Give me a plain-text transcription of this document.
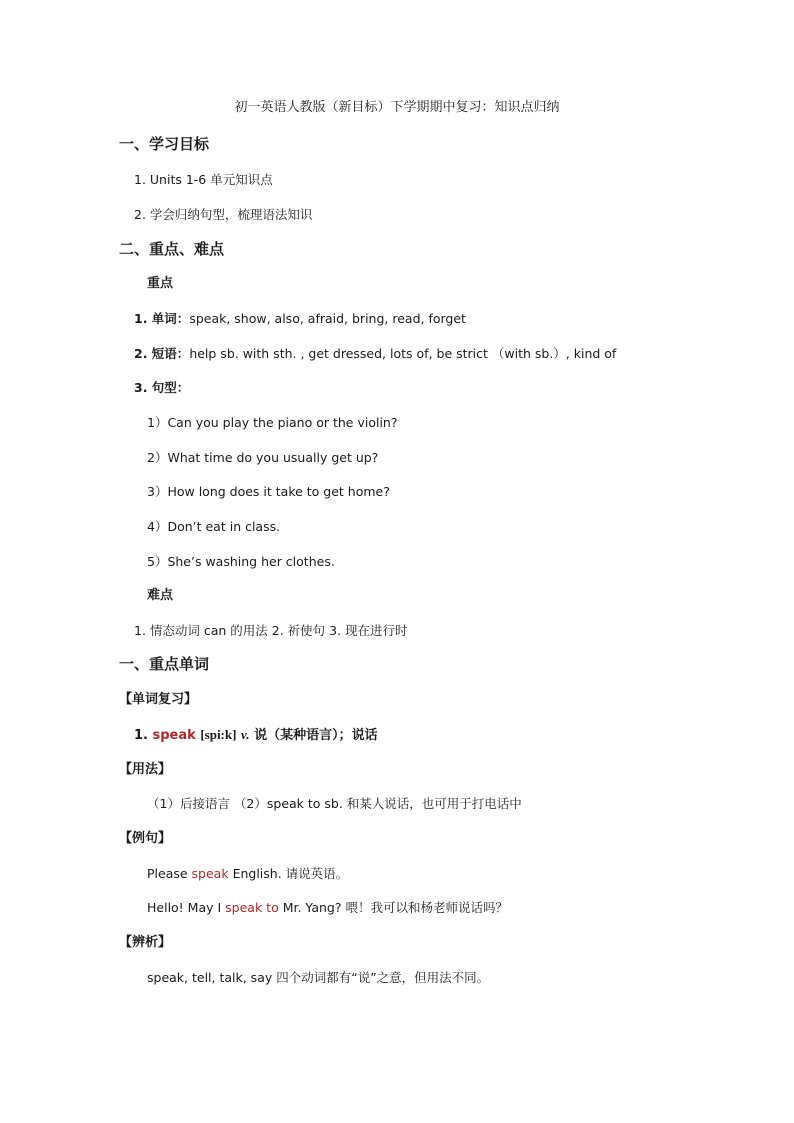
初一英语人教版（新目标）下学期期中复习：知识点归纳
一、学习目标
1. Units 1-6 单元知识点
2. 学会归纳句型，梳理语法知识
二、重点、难点
重点
1. 单词：speak, show, also, afraid, bring, read, forget
2. 短语：help sb. with sth. , get dressed, lots of, be strict （with sb.）, kind of
3. 句型：
1）Can you play the piano or the violin?
2）What time do you usually get up?
3）How long does it take to get home?
4）Don’t eat in class.
5）She’s washing her clothes.
难点
1. 情态动词 can 的用法 2. 祈使句 3. 现在进行时
一、重点单词
【单词复习】
1. speak [spi:k] v. 说（某种语言）；说话
【用法】
（1）后接语言 （2）speak to sb. 和某人说话，也可用于打电话中
【例句】
Please speak English. 请说英语。
Hello! May I speak to Mr. Yang? 喂！我可以和杨老师说话吗？
【辨析】
speak, tell, talk, say 四个动词都有“说”之意，但用法不同。
